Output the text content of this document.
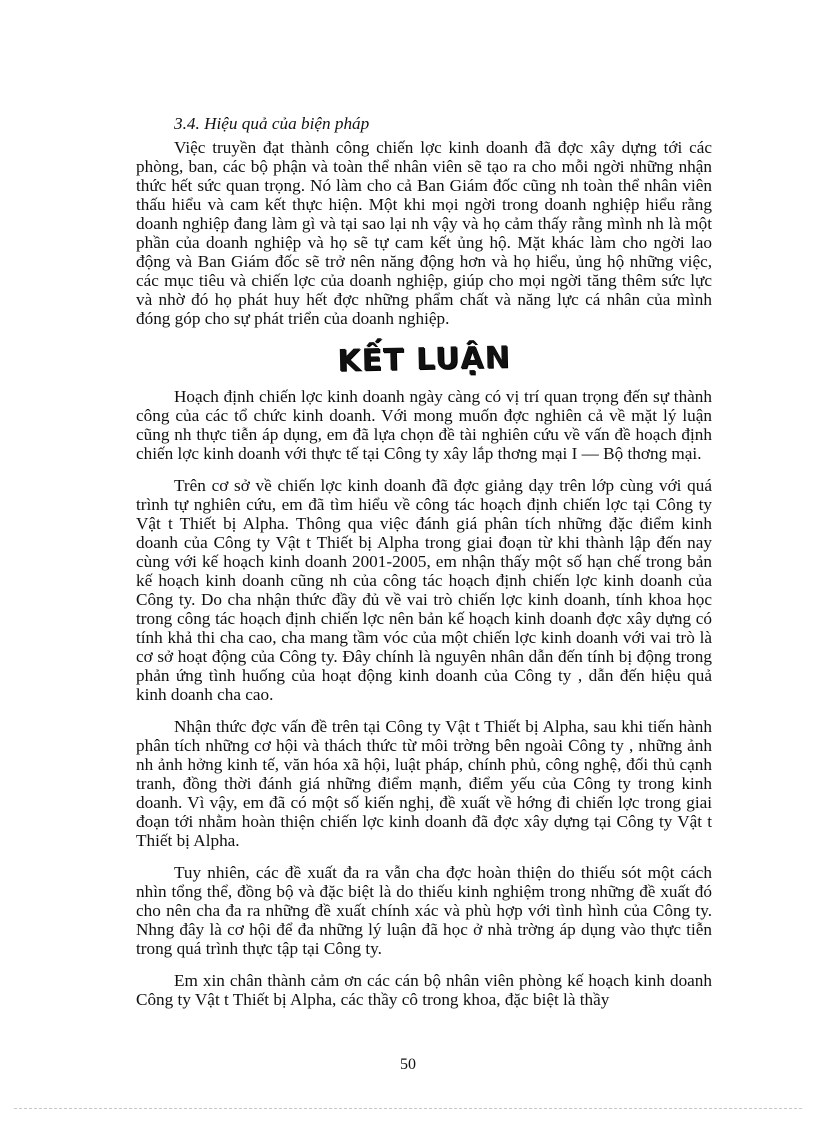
3.4. Hiệu quả của biện pháp

Việc truyền đạt thành công chiến lợc kinh doanh đã đợc xây dựng tới các phòng, ban, các bộ phận và toàn thể nhân viên sẽ tạo ra cho mỗi ngời những nhận thức hết sức quan trọng. Nó làm cho cả Ban Giám đốc cũng nh toàn thể nhân viên thấu hiểu và cam kết thực hiện. Một khi mọi ngời trong doanh nghiệp hiểu rằng doanh nghiệp đang làm gì và tại sao lại nh vậy và họ cảm thấy rằng mình nh là một phần của doanh nghiệp và họ sẽ tự cam kết ủng hộ. Mặt khác làm cho ngời lao động và Ban Giám đốc sẽ trở nên năng động hơn và họ hiểu, ủng hộ những việc, các mục tiêu và chiến lợc của doanh nghiệp, giúp cho mọi ngời tăng thêm sức lực và nhờ đó họ phát huy hết đợc những phẩm chất và năng lực cá nhân của mình đóng góp cho sự phát triển của doanh nghiệp.

KẾT LUẬN

Hoạch định chiến lợc kinh doanh ngày càng có vị trí quan trọng đến sự thành công của các tổ chức kinh doanh. Với mong muốn đợc nghiên cả về mặt lý luận cũng nh thực tiễn áp dụng, em đã lựa chọn đề tài nghiên cứu về vấn đề hoạch định chiến lợc kinh doanh với thực tế tại Công ty xây lắp thơng mại I — Bộ thơng mại.

Trên cơ sở về chiến lợc kinh doanh đã đợc giảng dạy trên lớp cùng với quá trình tự nghiên cứu, em đã tìm hiểu về công tác hoạch định chiến lợc tại Công ty Vật t Thiết bị Alpha. Thông qua việc đánh giá phân tích những đặc điểm kinh doanh của Công ty Vật t Thiết bị Alpha trong giai đoạn từ khi thành lập đến nay cùng với kế hoạch kinh doanh 2001-2005, em nhận thấy một số hạn chế trong bản kế hoạch kinh doanh cũng nh của công tác hoạch định chiến lợc kinh doanh của Công ty. Do cha nhận thức đầy đủ về vai trò chiến lợc kinh doanh, tính khoa học trong công tác hoạch định chiến lợc nên bản kế hoạch kinh doanh đợc xây dựng có tính khả thi cha cao, cha mang tầm vóc của một chiến lợc kinh doanh với vai trò là cơ sở hoạt động của Công ty. Đây chính là nguyên nhân dẫn đến tính bị động trong phản ứng tình huống của hoạt động kinh doanh của Công ty , dẫn đến hiệu quả kinh doanh cha cao.

Nhận thức đợc vấn đề trên tại Công ty Vật t Thiết bị Alpha, sau khi tiến hành phân tích những cơ hội và thách thức từ môi trờng bên ngoài Công ty , những ảnh nh ảnh hởng kinh tế, văn hóa xã hội, luật pháp, chính phủ, công nghệ, đối thủ cạnh tranh, đồng thời đánh giá những điểm mạnh, điểm yếu của Công ty trong kinh doanh. Vì vậy, em đã có một số kiến nghị, đề xuất về hớng đi chiến lợc trong giai đoạn tới nhằm hoàn thiện chiến lợc kinh doanh đã đợc xây dựng tại Công ty Vật t Thiết bị Alpha.

Tuy nhiên, các đề xuất đa ra vẫn cha đợc hoàn thiện do thiếu sót một cách nhìn tổng thể, đồng bộ và đặc biệt là do thiếu kinh nghiệm trong những đề xuất đó cho nên cha đa ra những đề xuất chính xác và phù hợp với tình hình của Công ty. Nhng đây là cơ hội để đa những lý luận đã học ở nhà trờng áp dụng vào thực tiễn trong quá trình thực tập tại Công ty.

Em xin chân thành cảm ơn các cán bộ nhân viên phòng kế hoạch kinh doanh Công ty Vật t Thiết bị Alpha, các thầy cô trong khoa, đặc biệt là thầy

50
